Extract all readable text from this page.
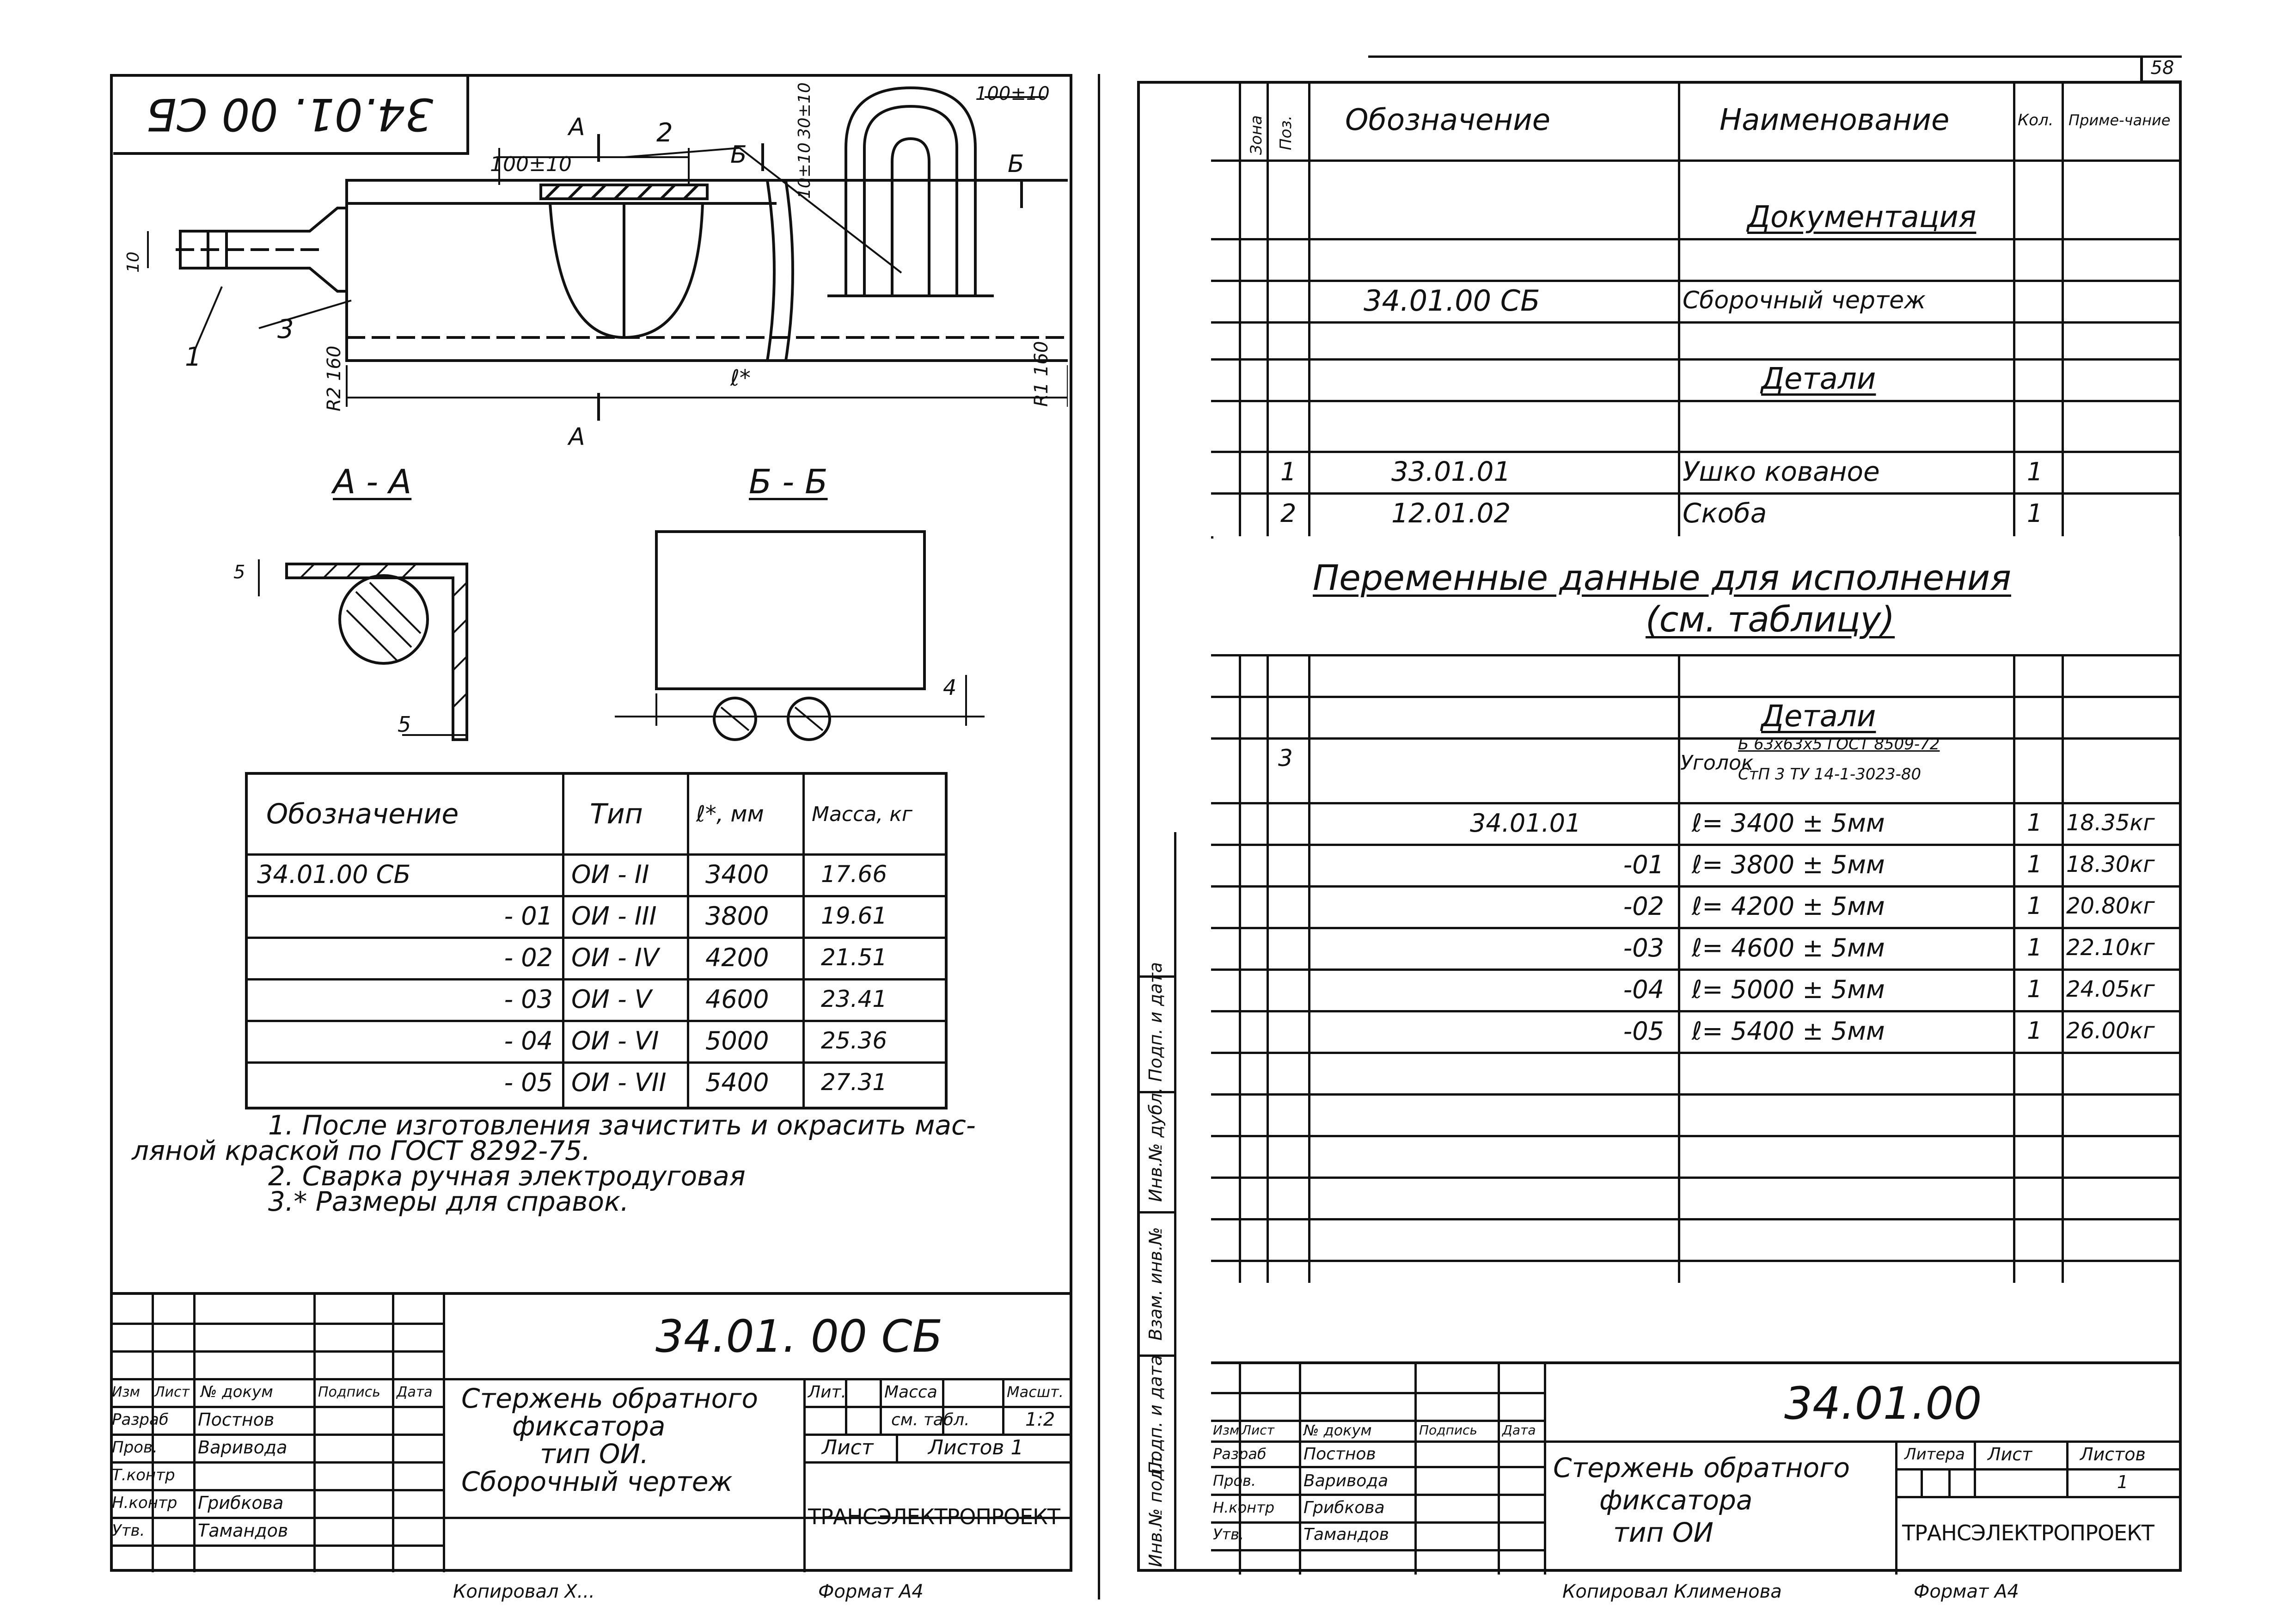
34.01. 00 СБ
100±10
100±10
30±10
10±10
10
R1 160
R2 160	ℓ*
1
2
3
А
А
Б	Б
А - А	Б - Б
5
5
4
Обозначение	Тип ℓ*, мм Масса, кг
34.01.00 СБ	ОИ - II 3400 17.66
- 01 ОИ - III 3800 19.61
- 02 ОИ - IV 4200 21.51
- 03 ОИ - V 4600 23.41
- 04 ОИ - VI 5000 25.36
- 05 ОИ - VII 5400 27.31
1. После изготовления зачистить и окрасить мас-
ляной краской по ГОСТ 8292-75.
2. Сварка ручная электродуговая
3.* Размеры для справок.
34.01. 00 СБ
Изм Лист № докум	Подпись Дата
Разраб Постнов
Пров. Варивода
Т.контр
Н.контр Грибкова
Утв.	Тамандов
Стержень обратного
фиксатора
тип ОИ.
Сборочный чертеж
Лит. Масса	Масшт.
см. табл.	1:2
Лист	Листов 1
ТРАНСЭЛЕКТРОПРОЕКТ
Копировал Х...	Формат А4
58
Инв.№ подл.
Подп. и дата
Взам. инв.№
Инв.№ дубл.
Подп. и дата
Зона Поз. Обозначение	Наименование	Кол. Приме-чание
Документация
34.01.00 СБ	Сборочный чертеж
Детали
1	33.01.01	Ушко кованое	1
2	12.01.02	Скоба	1
Переменные данные для исполнения
(см. таблицу)
Детали
3	Уголок
Б 63х63х5 ГОСТ 8509-72
СтП 3 ТУ 14-1-3023-80
34.01.01	ℓ= 3400 ± 5мм	1 18.35кг
-01 ℓ= 3800 ± 5мм	1 18.30кг
-02 ℓ= 4200 ± 5мм	1 20.80кг
-03 ℓ= 4600 ± 5мм	1 22.10кг
-04 ℓ= 5000 ± 5мм	1 24.05кг
-05 ℓ= 5400 ± 5мм	1 26.00кг
34.01.00
Изм Лист № докум	Подпись Дата
Разраб Постнов
Пров.	Варивода
Н.контр Грибкова
Утв.	Тамандов
Стержень обратного
фиксатора
тип ОИ
Литера Лист	Листов
1
ТРАНСЭЛЕКТРОПРОЕКТ
Копировал Клименова	Формат А4
